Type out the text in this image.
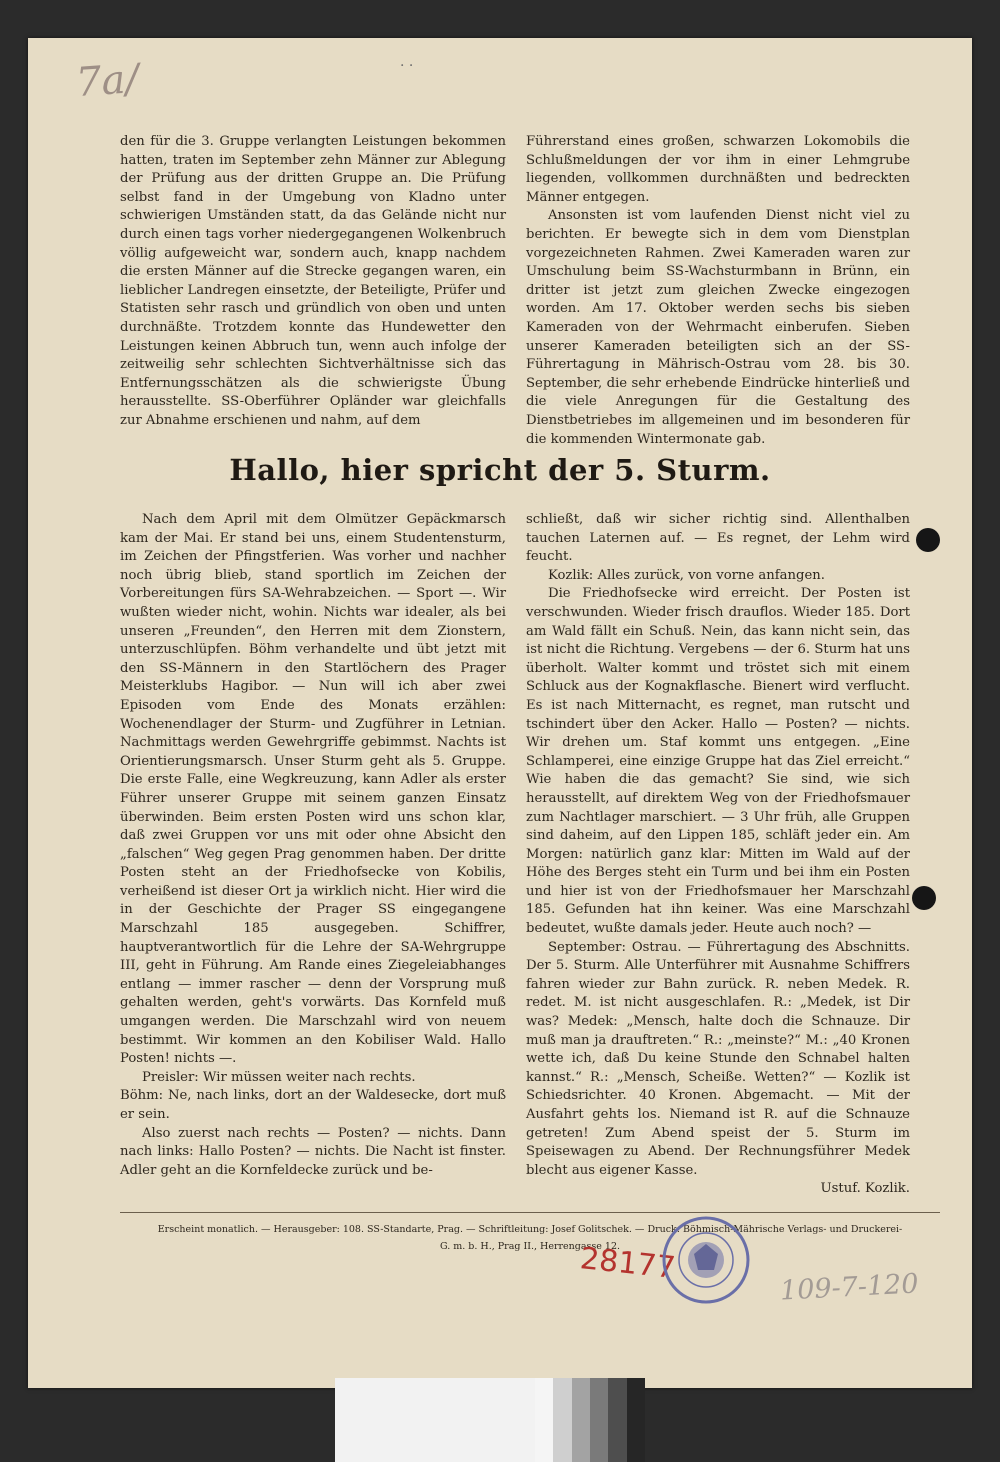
7a/	· ·

den für die 3. Gruppe verlangten Leistungen bekommen hatten, traten im September zehn Männer zur Ablegung der Prüfung aus der dritten Gruppe an. Die Prüfung selbst fand in der Umgebung von Kladno unter schwierigen Umständen statt, da das Gelände nicht nur durch einen tags vorher niedergegangenen Wolkenbruch völlig aufgeweicht war, sondern auch, knapp nachdem die ersten Männer auf die Strecke gegangen waren, ein lieblicher Landregen einsetzte, der Beteiligte, Prüfer und Statisten sehr rasch und gründlich von oben und unten durchnäßte. Trotzdem konnte das Hundewetter den Leistungen keinen Abbruch tun, wenn auch infolge der zeitweilig sehr schlechten Sichtverhältnisse sich das Entfernungsschätzen als die schwierigste Übung herausstellte. SS-Oberführer Opländer war gleichfalls zur Abnahme erschienen und nahm, auf dem

Führerstand eines großen, schwarzen Lokomobils die Schlußmeldungen der vor ihm in einer Lehmgrube liegenden, vollkommen durchnäßten und bedreckten Männer entgegen.

Ansonsten ist vom laufenden Dienst nicht viel zu berichten. Er bewegte sich in dem vom Dienstplan vorgezeichneten Rahmen. Zwei Kameraden waren zur Umschulung beim SS-Wachsturmbann in Brünn, ein dritter ist jetzt zum gleichen Zwecke eingezogen worden. Am 17. Oktober werden sechs bis sieben Kameraden von der Wehrmacht einberufen. Sieben unserer Kameraden beteiligten sich an der SS-Führertagung in Mährisch-Ostrau vom 28. bis 30. September, die sehr erhebende Eindrücke hinterließ und die viele Anregungen für die Gestaltung des Dienstbetriebes im allgemeinen und im besonderen für die kommenden Wintermonate gab.

Hallo, hier spricht der 5. Sturm.

Nach dem April mit dem Olmützer Gepäckmarsch kam der Mai. Er stand bei uns, einem Studentensturm, im Zeichen der Pfingstferien. Was vorher und nachher noch übrig blieb, stand sportlich im Zeichen der Vorbereitungen fürs SA-Wehrabzeichen. — Sport —. Wir wußten wieder nicht, wohin. Nichts war idealer, als bei unseren „Freunden“, den Herren mit dem Zionstern, unterzuschlüpfen. Böhm verhandelte und übt jetzt mit den SS-Männern in den Startlöchern des Prager Meisterklubs Hagibor. — Nun will ich aber zwei Episoden vom Ende des Monats erzählen: Wochenendlager der Sturm- und Zugführer in Letnian. Nachmittags werden Gewehrgriffe gebimmst. Nachts ist Orientierungsmarsch. Unser Sturm geht als 5. Gruppe. Die erste Falle, eine Wegkreuzung, kann Adler als erster Führer unserer Gruppe mit seinem ganzen Einsatz überwinden. Beim ersten Posten wird uns schon klar, daß zwei Gruppen vor uns mit oder ohne Absicht den „falschen“ Weg gegen Prag genommen haben. Der dritte Posten steht an der Friedhofsecke von Kobilis, verheißend ist dieser Ort ja wirklich nicht. Hier wird die in der Geschichte der Prager SS eingegangene Marschzahl 185 ausgegeben. Schiffrer, hauptverantwortlich für die Lehre der SA-Wehrgruppe III, geht in Führung. Am Rande eines Ziegeleiabhanges entlang — immer rascher — denn der Vorsprung muß gehalten werden, geht's vorwärts. Das Kornfeld muß umgangen werden. Die Marschzahl wird von neuem bestimmt. Wir kommen an den Kobiliser Wald. Hallo Posten! nichts —.

Preisler: Wir müssen weiter nach rechts.

Böhm: Ne, nach links, dort an der Waldesecke, dort muß er sein.

Also zuerst nach rechts — Posten? — nichts. Dann nach links: Hallo Posten? — nichts. Die Nacht ist finster. Adler geht an die Kornfeldecke zurück und be-

schließt, daß wir sicher richtig sind. Allenthalben tauchen Laternen auf. — Es regnet, der Lehm wird feucht.

Kozlik: Alles zurück, von vorne anfangen.

Die Friedhofsecke wird erreicht. Der Posten ist verschwunden. Wieder frisch drauflos. Wieder 185. Dort am Wald fällt ein Schuß. Nein, das kann nicht sein, das ist nicht die Richtung. Vergebens — der 6. Sturm hat uns überholt. Walter kommt und tröstet sich mit einem Schluck aus der Kognakflasche. Bienert wird verflucht. Es ist nach Mitternacht, es regnet, man rutscht und tschindert über den Acker. Hallo — Posten? — nichts. Wir drehen um. Staf kommt uns entgegen. „Eine Schlamperei, eine einzige Gruppe hat das Ziel erreicht.“ Wie haben die das gemacht? Sie sind, wie sich herausstellt, auf direktem Weg von der Friedhofsmauer zum Nachtlager marschiert. — 3 Uhr früh, alle Gruppen sind daheim, auf den Lippen 185, schläft jeder ein. Am Morgen: natürlich ganz klar: Mitten im Wald auf der Höhe des Berges steht ein Turm und bei ihm ein Posten und hier ist von der Friedhofsmauer her Marschzahl 185. Gefunden hat ihn keiner. Was eine Marschzahl bedeutet, wußte damals jeder. Heute auch noch? —

September: Ostrau. — Führertagung des Abschnitts. Der 5. Sturm. Alle Unterführer mit Ausnahme Schiffrers fahren wieder zur Bahn zurück. R. neben Medek. R. redet. M. ist nicht ausgeschlafen. R.: „Medek, ist Dir was? Medek: „Mensch, halte doch die Schnauze. Dir muß man ja drauftreten.“ R.: „meinste?“ M.: „40 Kronen wette ich, daß Du keine Stunde den Schnabel halten kannst.“ R.: „Mensch, Scheiße. Wetten?“ — Kozlik ist Schiedsrichter. 40 Kronen. Abgemacht. — Mit der Ausfahrt gehts los. Niemand ist R. auf die Schnauze getreten! Zum Abend speist der 5. Sturm im Speisewagen zu Abend. Der Rechnungsführer Medek blecht aus eigener Kasse.

Ustuf. Kozlik.

Erscheint monatlich. — Herausgeber: 108. SS-Standarte, Prag. — Schriftleitung: Josef Golitschek. — Druck: Böhmisch-Mährische Verlags- und Druckerei-
G. m. b. H., Prag II., Herrengasse 12.
28177
109-7-120
